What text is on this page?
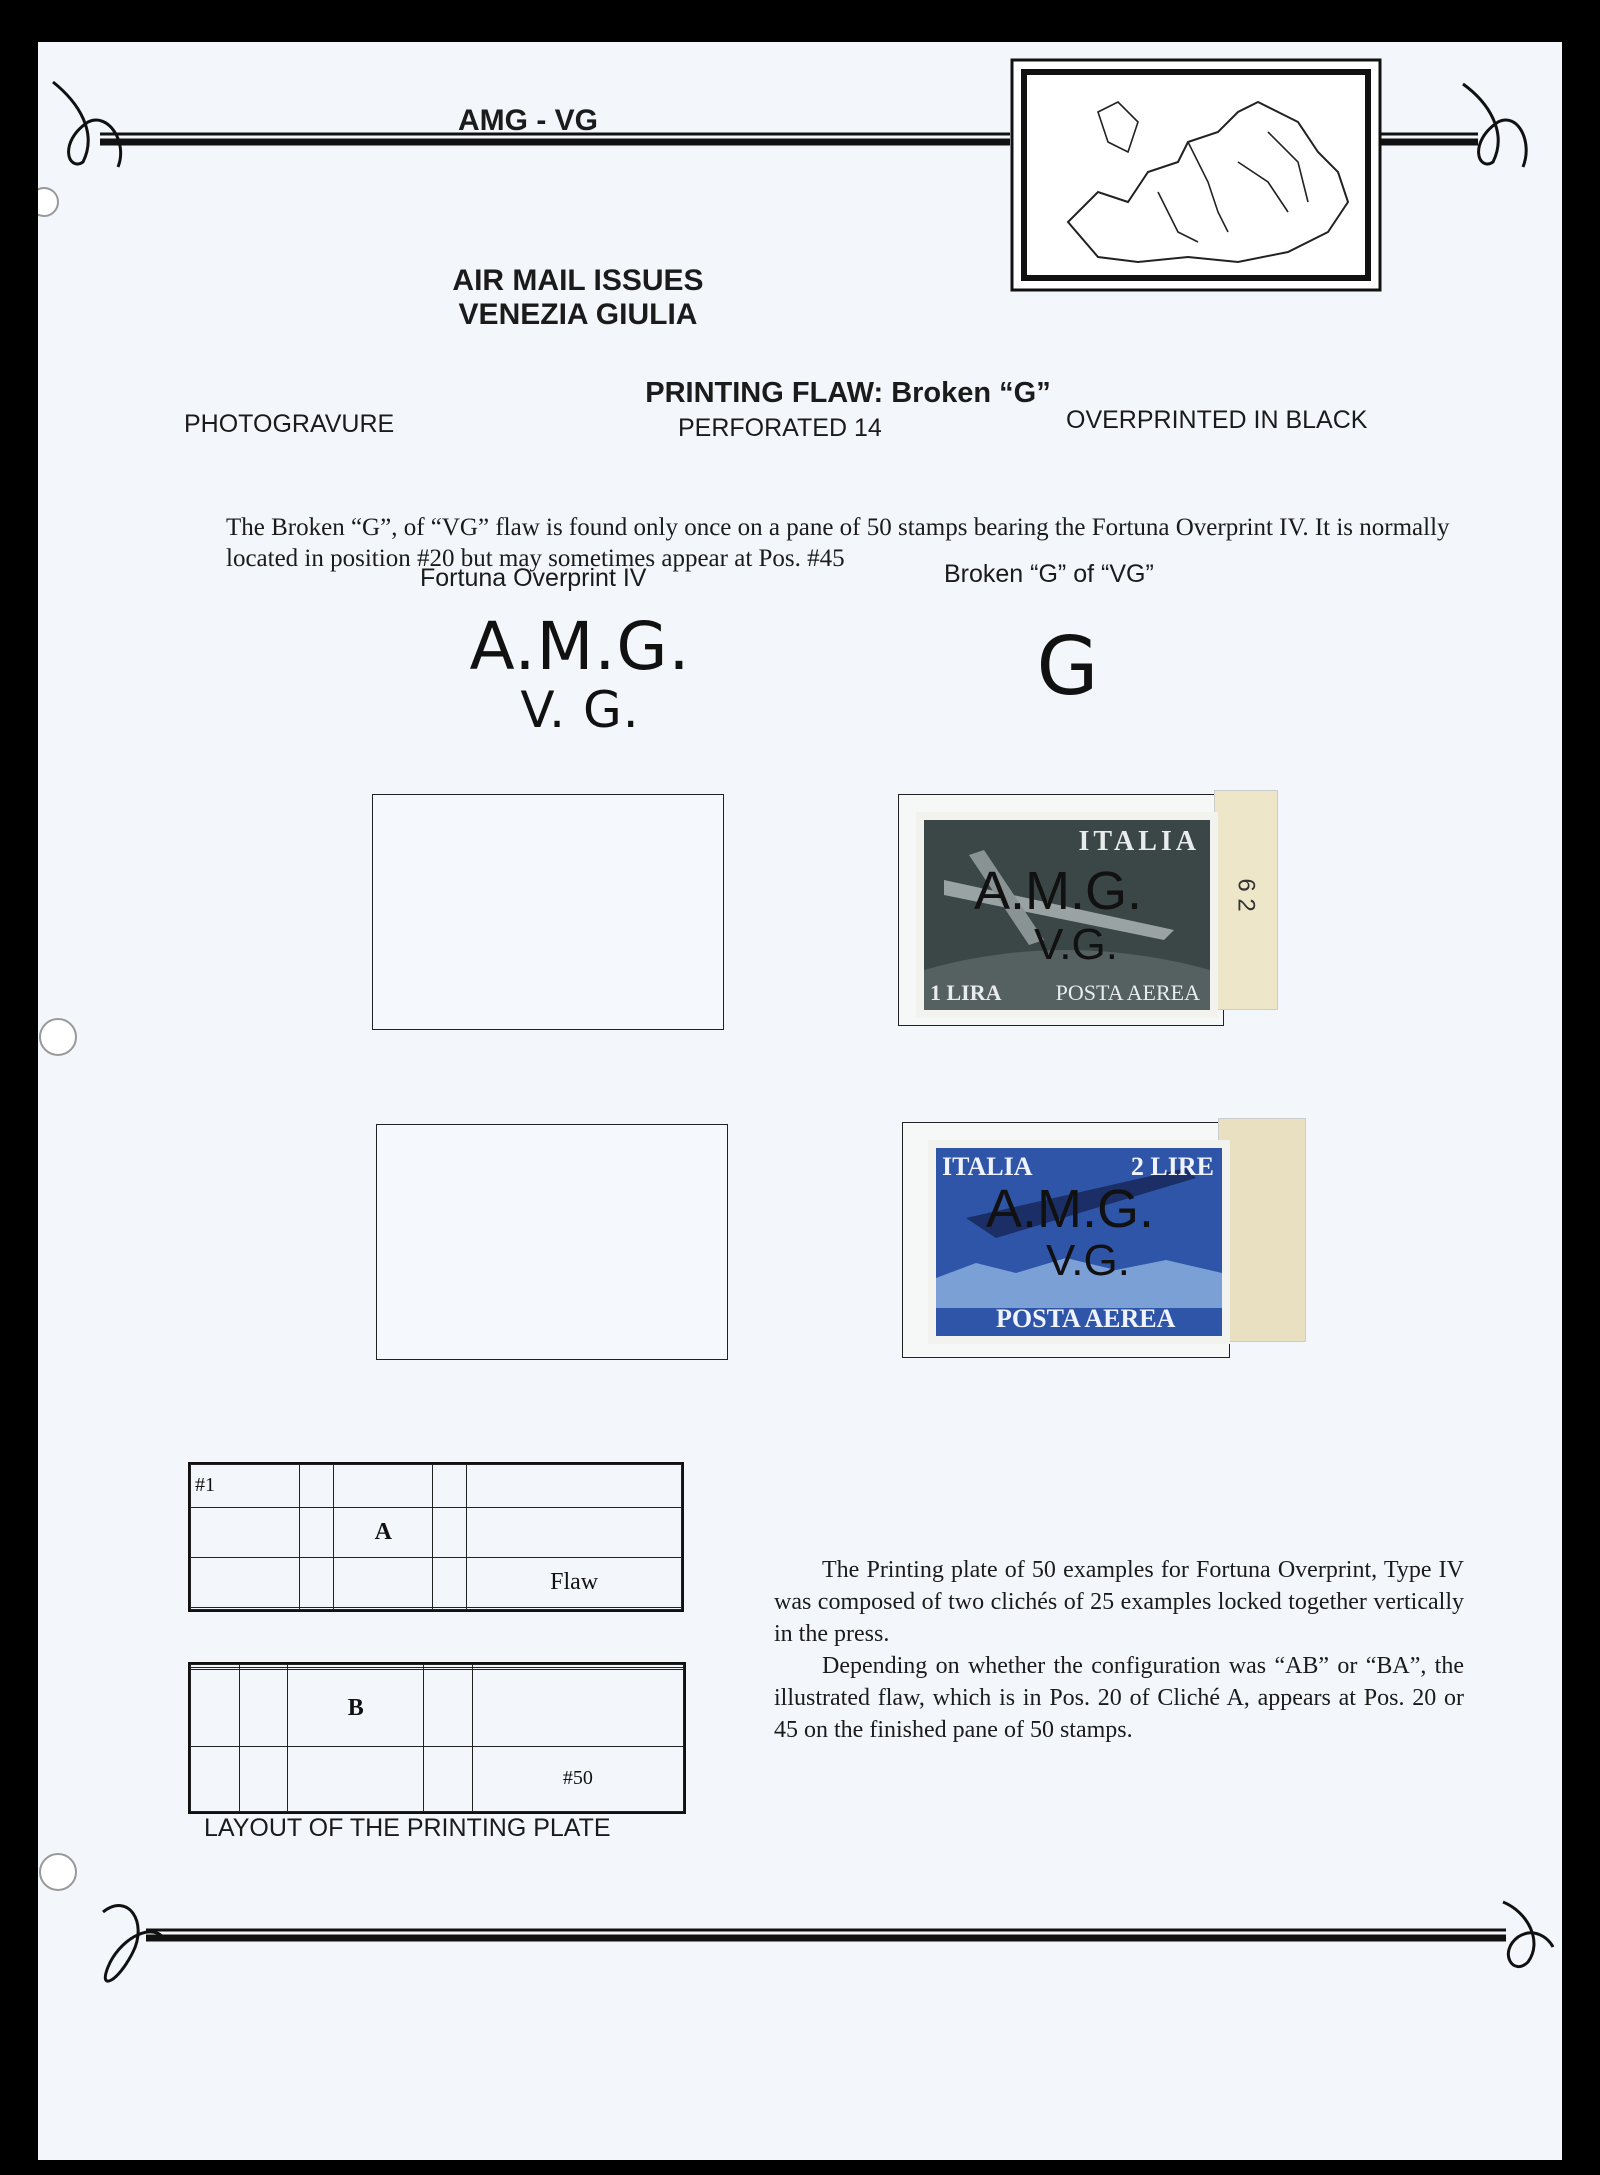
AMG - VG
AIR MAIL ISSUES
VENEZIA GIULIA
PRINTING FLAW: Broken “G”
PHOTOGRAVURE	PERFORATED 14	OVERPRINTED IN BLACK
The Broken “G”, of “VG” flaw is found only once on a pane of 50 stamps bearing the Fortuna Overprint IV. It is normally located in position #20 but may sometimes appear at Pos. #45
Fortuna Overprint IV	Broken “G” of “VG”
A.M.G.
V. G.	G
6 2
ITALIA
A.M.G.
V.G.
1 LIRA POSTA AEREA
ITALIA	2 LIRE
A.M.G.
V.G.
POSTA AEREA
#1				
		A		
				Flaw

		B		
				#50
LAYOUT OF THE PRINTING PLATE

The Printing plate of 50 examples for Fortuna Overprint, Type IV was composed of two clichés of 25 examples locked together vertically in the press.

Depending on whether the configuration was “AB” or “BA”, the illustrated flaw, which is in Pos. 20 of Cliché A, appears at Pos. 20 or 45 on the finished pane of 50 stamps.
